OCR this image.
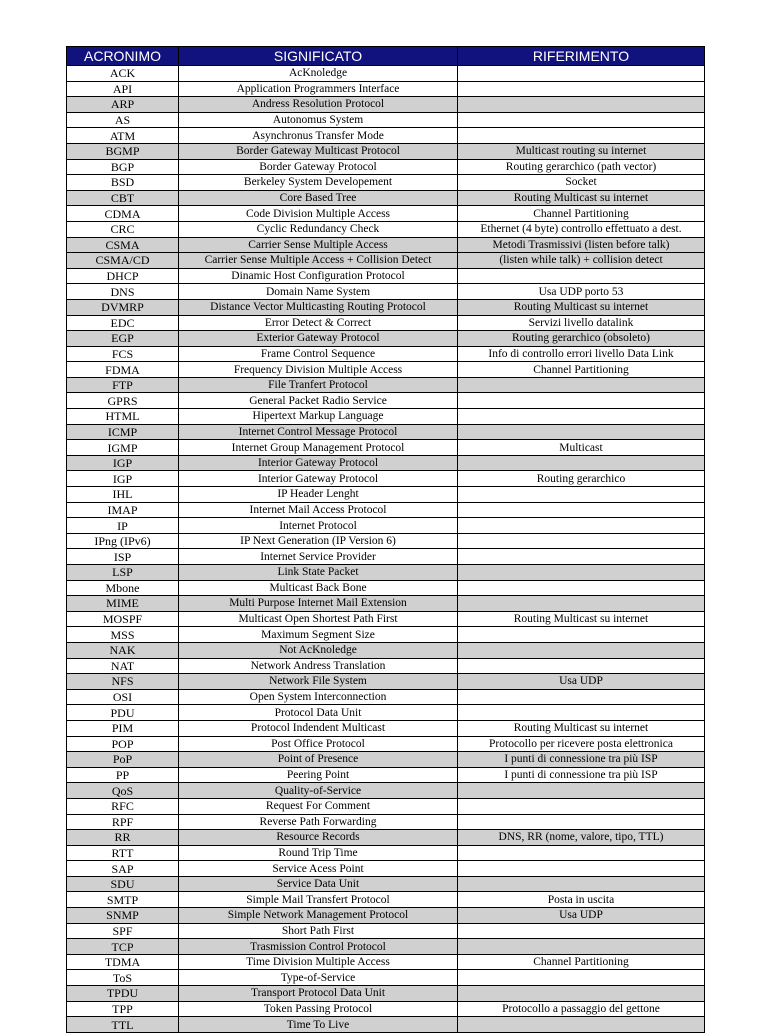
ACRONIMO	SIGNIFICATO	RIFERIMENTO
ACK	AcKnoledge	
API	Application Programmers Interface	
ARP	Andress Resolution Protocol	
AS	Autonomus System	
ATM	Asynchronus Transfer Mode	
BGMP	Border Gateway Multicast Protocol	Multicast routing su internet
BGP	Border Gateway Protocol	Routing gerarchico (path vector)
BSD	Berkeley System Developement	Socket
CBT	Core Based Tree	Routing Multicast su internet
CDMA	Code Division Multiple Access	Channel Partitioning
CRC	Cyclic Redundancy Check	Ethernet (4 byte) controllo effettuato a dest.
CSMA	Carrier Sense Multiple Access	Metodi Trasmissivi (listen before talk)
CSMA/CD	Carrier Sense Multiple Access + Collision Detect	(listen while talk) + collision detect
DHCP	Dinamic Host Configuration Protocol	
DNS	Domain Name System	Usa UDP porto 53
DVMRP	Distance Vector Multicasting Routing Protocol	Routing Multicast su internet
EDC	Error Detect & Correct	Servizi livello datalink
EGP	Exterior Gateway Protocol	Routing gerarchico (obsoleto)
FCS	Frame Control Sequence	Info di controllo errori livello Data Link
FDMA	Frequency Division Multiple Access	Channel Partitioning
FTP	File Tranfert Protocol	
GPRS	General Packet Radio Service	
HTML	Hipertext Markup Language	
ICMP	Internet Control Message Protocol	
IGMP	Internet Group Management Protocol	Multicast
IGP	Interior Gateway Protocol	
IGP	Interior Gateway Protocol	Routing gerarchico
IHL	IP Header Lenght	
IMAP	Internet Mail Access Protocol	
IP	Internet Protocol	
IPng (IPv6)	IP Next Generation (IP Version 6)	
ISP	Internet Service Provider	
LSP	Link State Packet	
Mbone	Multicast Back Bone	
MIME	Multi Purpose Internet Mail Extension	
MOSPF	Multicast Open Shortest Path First	Routing Multicast su internet
MSS	Maximum Segment Size	
NAK	Not AcKnoledge	
NAT	Network Andress Translation	
NFS	Network File System	Usa UDP
OSI	Open System Interconnection	
PDU	Protocol Data Unit	
PIM	Protocol Indendent Multicast	Routing Multicast su internet
POP	Post Office Protocol	Protocollo per ricevere posta elettronica
PoP	Point of Presence	I punti di connessione tra più ISP
PP	Peering Point	I punti di connessione tra più ISP
QoS	Quality-of-Service	
RFC	Request For Comment	
RPF	Reverse Path Forwarding	
RR	Resource Records	DNS, RR (nome, valore, tipo, TTL)
RTT	Round Trip Time	
SAP	Service Acess Point	
SDU	Service Data Unit	
SMTP	Simple Mail Transfert Protocol	Posta in uscita
SNMP	Simple Network Management Protocol	Usa UDP
SPF	Short Path First	
TCP	Trasmission Control Protocol	
TDMA	Time Division Multiple Access	Channel Partitioning
ToS	Type-of-Service	
TPDU	Transport Protocol Data Unit	
TPP	Token Passing Protocol	Protocollo a passaggio del gettone
TTL	Time To Live	
